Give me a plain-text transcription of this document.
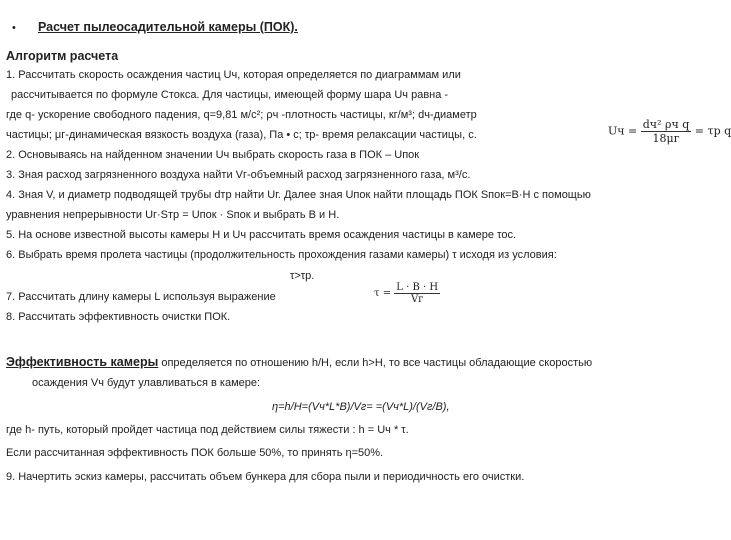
• Расчет пылеосадительной камеры (ПОК).
Алгоритм расчета
1. Рассчитать скорость осаждения частиц Uч, которая определяется по диаграммам или
рассчитывается по формуле Стокса. Для частицы, имеющей форму шара Uч равна -
где q- ускорение свободного падения, q=9,81 м/c²; ρч -плотность частицы, кг/м³; dч-диаметр
частицы; μг-динамическая вязкость воздуха (газа), Па • с; τр- время релаксации частицы, с.
2. Основываясь на найденном значении Uч выбрать скорость газа в ПОК – Uпок
3. Зная расход загрязненного воздуха найти Vг-объемный расход загрязненного газа, м³/с.
4. Зная V, и диаметр подводящей трубы dтр найти Uг. Далее зная Uпок найти площадь ПОК Sпок=B·H с помощью
уравнения непрерывности Uг·Sтр = Uпок · Sпок и выбрать B и H.
5. На основе известной высоты камеры H и Uч рассчитать время осаждения частицы в камере τос.
6. Выбрать время пролета частицы (продолжительность прохождения газами камеры) τ исходя из условия:
τ>τр.
7. Рассчитать длину камеры L используя выражение
8. Рассчитать эффективность очистки ПОК.
Uч = $\frac{\text{dч² ρч q}}{18\mu г} = \tau р$ q
$\tau = \frac{L \cdot B \cdot H}{Vг}$
Эффективность камеры определяется по отношению h/H, если h>H, то все частицы обладающие скоростью
осаждения Vч будут улавливаться в камере:
η=h/H=(Vч*L*B)/Vг= =(Vч*L)/(Vг/B),
где h- путь, который пройдет частица под действием силы тяжести : h = Uч * τ.
Если рассчитанная эффективность ПОК больше 50%, то принять η=50%.
9. Начертить эскиз камеры, рассчитать объем бункера для сбора пыли и периодичность его очистки.
